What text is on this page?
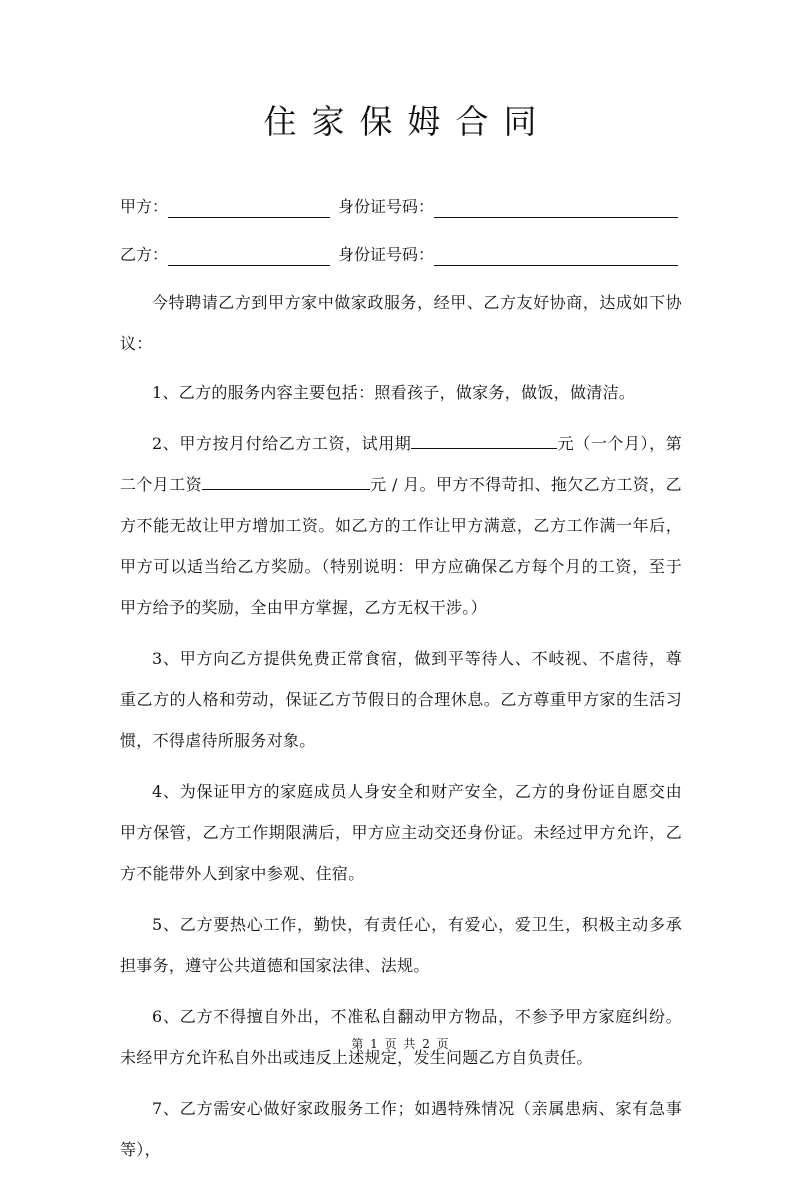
住家保姆合同
甲方：	身份证号码：
乙方：	身份证号码：

今特聘请乙方到甲方家中做家政服务，经甲、乙方友好协商，达成如下协议：

1、乙方的服务内容主要包括：照看孩子，做家务，做饭，做清洁。

2、甲方按月付给乙方工资，试用期	元（一个月），第二个月工资	元 / 月。甲方不得苛扣、拖欠乙方工资，乙方不能无故让甲方增加工资。如乙方的工作让甲方满意，乙方工作满一年后，甲方可以适当给乙方奖励。（特别说明：甲方应确保乙方每个月的工资，至于甲方给予的奖励，全由甲方掌握，乙方无权干涉。）

3、甲方向乙方提供免费正常食宿，做到平等待人、不岐视、不虐待，尊重乙方的人格和劳动，保证乙方节假日的合理休息。乙方尊重甲方家的生活习惯，不得虐待所服务对象。

4、为保证甲方的家庭成员人身安全和财产安全，乙方的身份证自愿交由甲方保管，乙方工作期限满后，甲方应主动交还身份证。未经过甲方允许，乙方不能带外人到家中参观、住宿。

5、乙方要热心工作，勤快，有责任心，有爱心，爱卫生，积极主动多承担事务，遵守公共道德和国家法律、法规。

6、乙方不得擅自外出，不准私自翻动甲方物品，不参予甲方家庭纠纷。未经甲方允许私自外出或违反上述规定，发生问题乙方自负责任。

7、乙方需安心做好家政服务工作；如遇特殊情况（亲属患病、家有急事等），

第 1 页 共 2 页
